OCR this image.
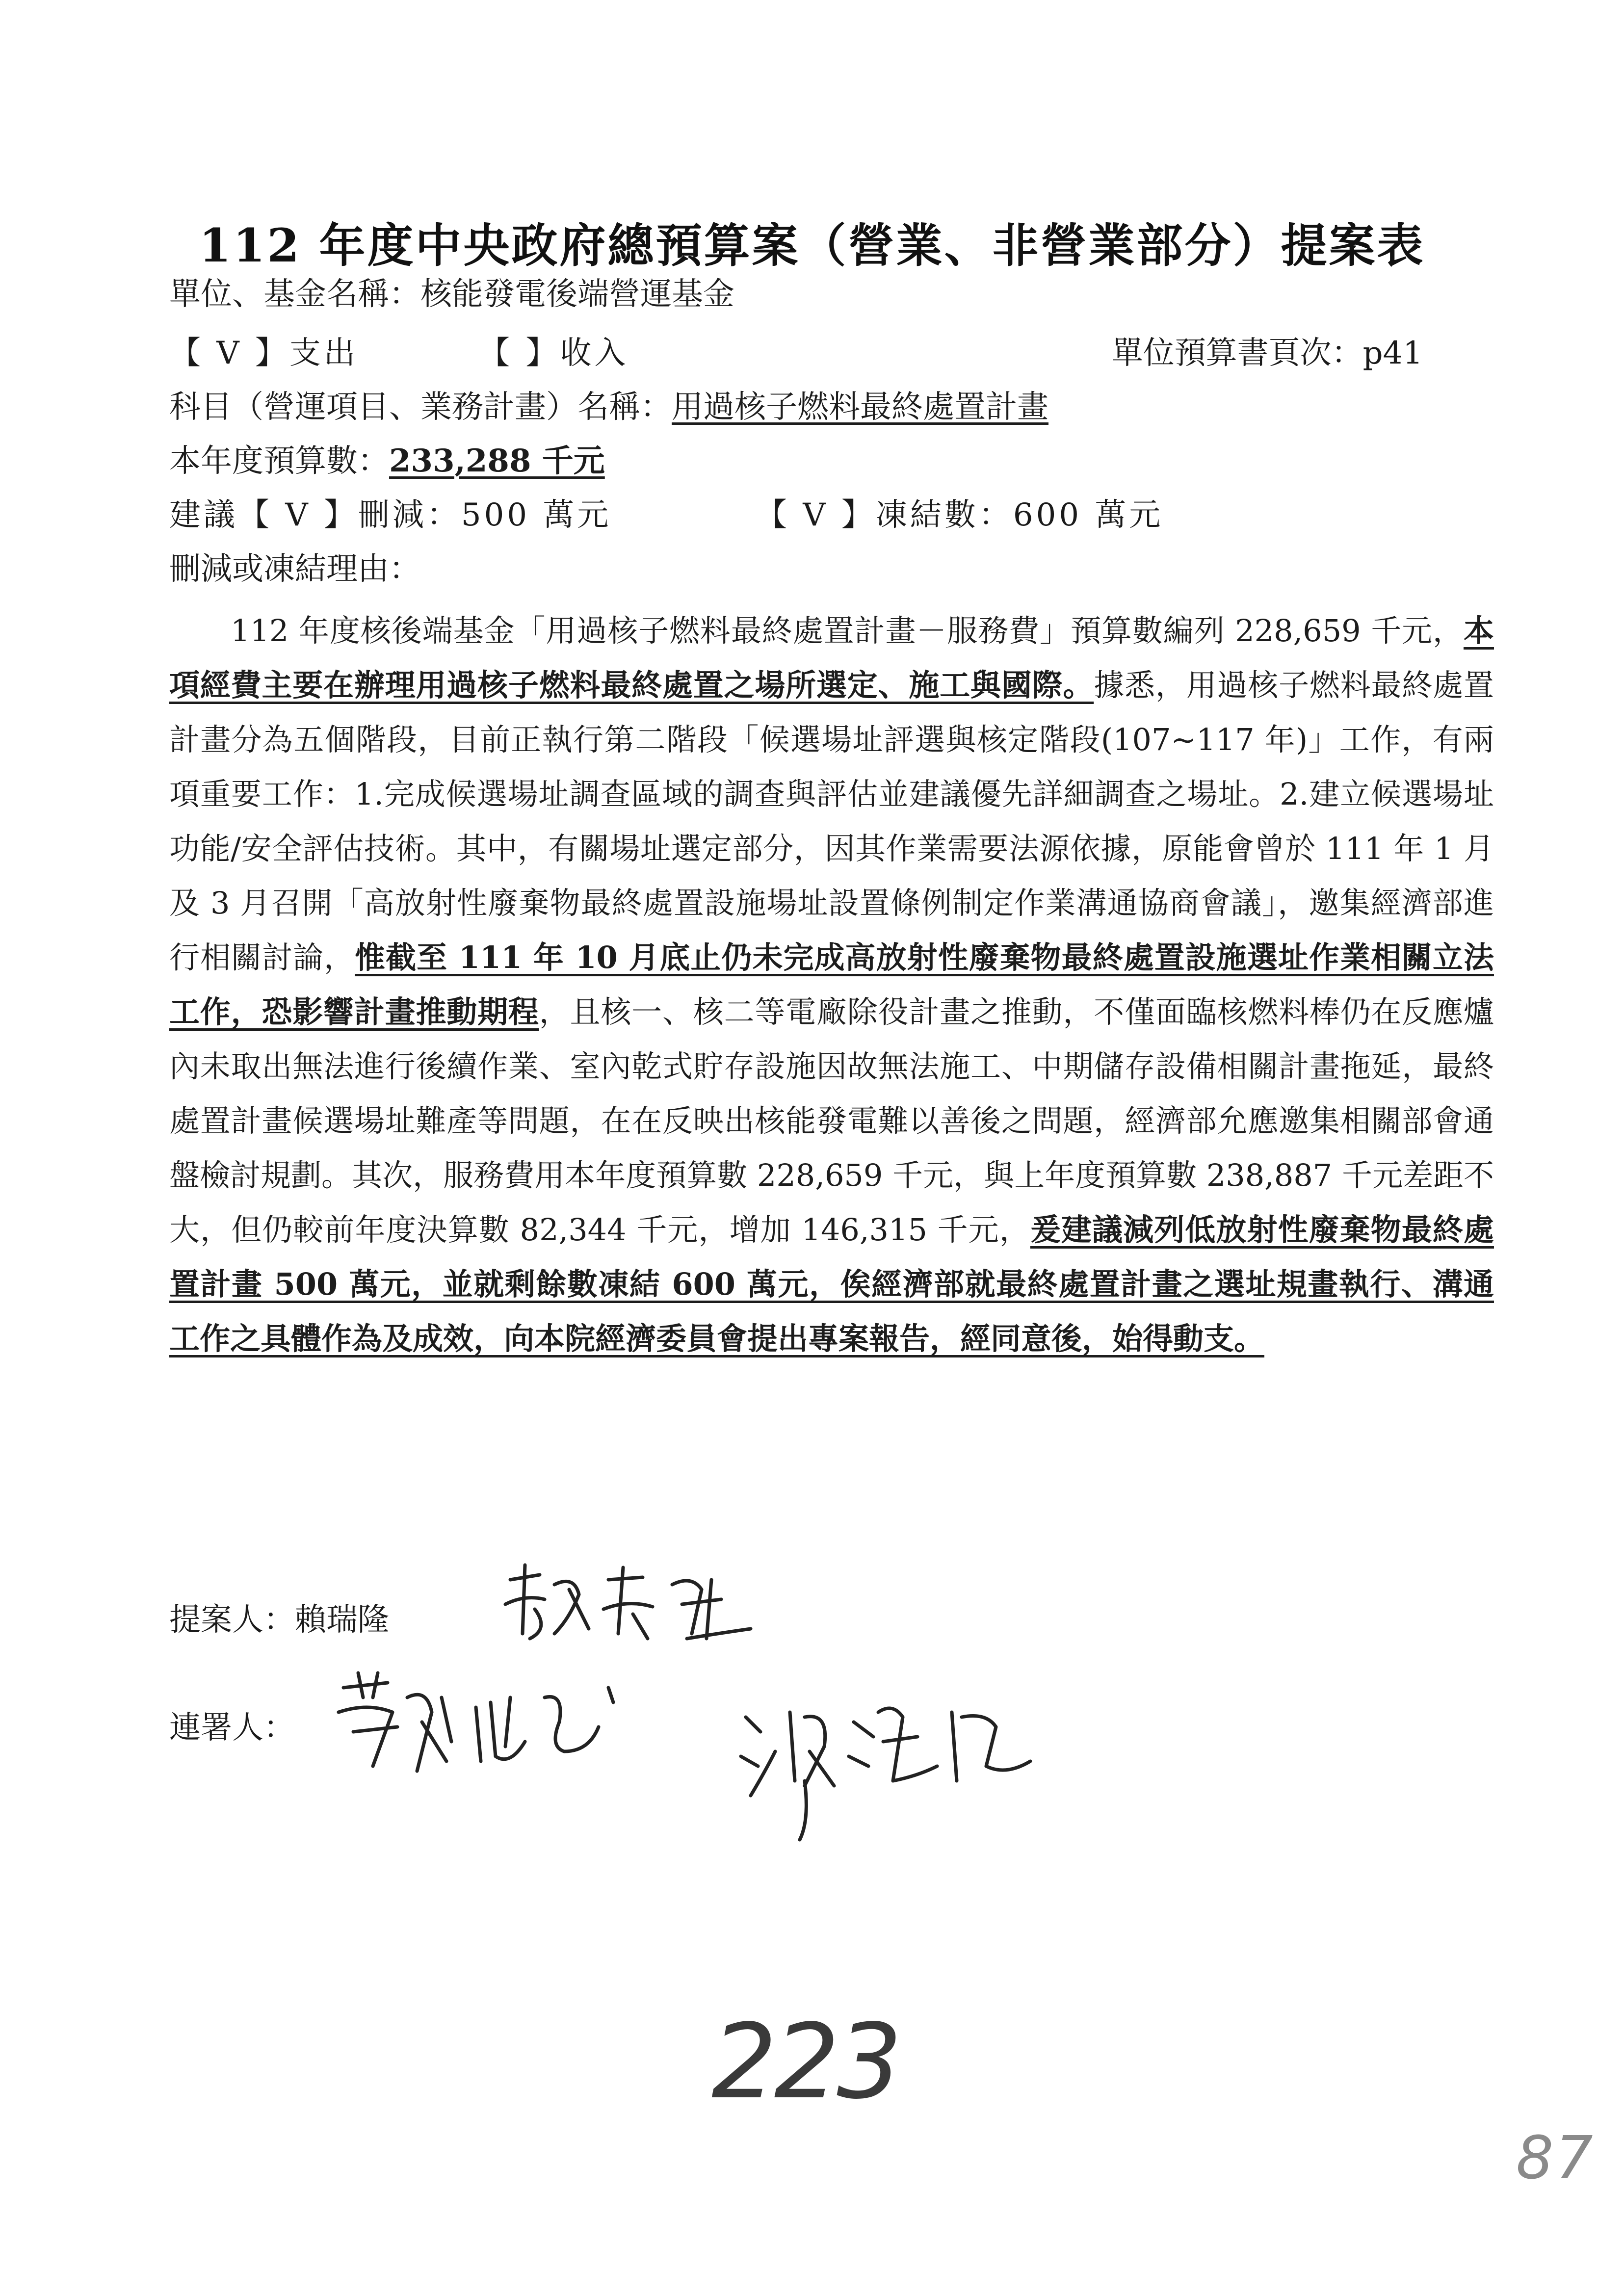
112 年度中央政府總預算案（營業、非營業部分）提案表
單位、基金名稱：核能發電後端營運基金
【 V 】支出	【 】收入	單位預算書頁次：p41
科目（營運項目、業務計畫）名稱：用過核子燃料最終處置計畫
本年度預算數：233,288 千元
建議【 V 】刪減：500 萬元	【 V 】凍結數：600 萬元
刪減或凍結理由：
112 年度核後端基金「用過核子燃料最終處置計畫－服務費」預算數編列 228,659 千元，本項經費主要在辦理用過核子燃料最終處置之場所選定、施工與國際。據悉，用過核子燃料最終處置計畫分為五個階段，目前正執行第二階段「候選場址評選與核定階段(107~117 年)」工作，有兩項重要工作：1.完成候選場址調查區域的調查與評估並建議優先詳細調查之場址。2.建立候選場址功能/安全評估技術。其中，有關場址選定部分，因其作業需要法源依據，原能會曾於 111 年 1 月及 3 月召開「高放射性廢棄物最終處置設施場址設置條例制定作業溝通協商會議」，邀集經濟部進行相關討論，惟截至 111 年 10 月底止仍未完成高放射性廢棄物最終處置設施選址作業相關立法工作，恐影響計畫推動期程，且核一、核二等電廠除役計畫之推動，不僅面臨核燃料棒仍在反應爐內未取出無法進行後續作業、室內乾式貯存設施因故無法施工、中期儲存設備相關計畫拖延，最終處置計畫候選場址難產等問題，在在反映出核能發電難以善後之問題，經濟部允應邀集相關部會通盤檢討規劃。其次，服務費用本年度預算數 228,659 千元，與上年度預算數 238,887 千元差距不大，但仍較前年度決算數 82,344 千元，增加 146,315 千元，爰建議減列低放射性廢棄物最終處置計畫 500 萬元，並就剩餘數凍結 600 萬元，俟經濟部就最終處置計畫之選址規畫執行、溝通工作之具體作為及成效，向本院經濟委員會提出專案報告，經同意後，始得動支。
提案人：賴瑞隆
連署人：
223
87
